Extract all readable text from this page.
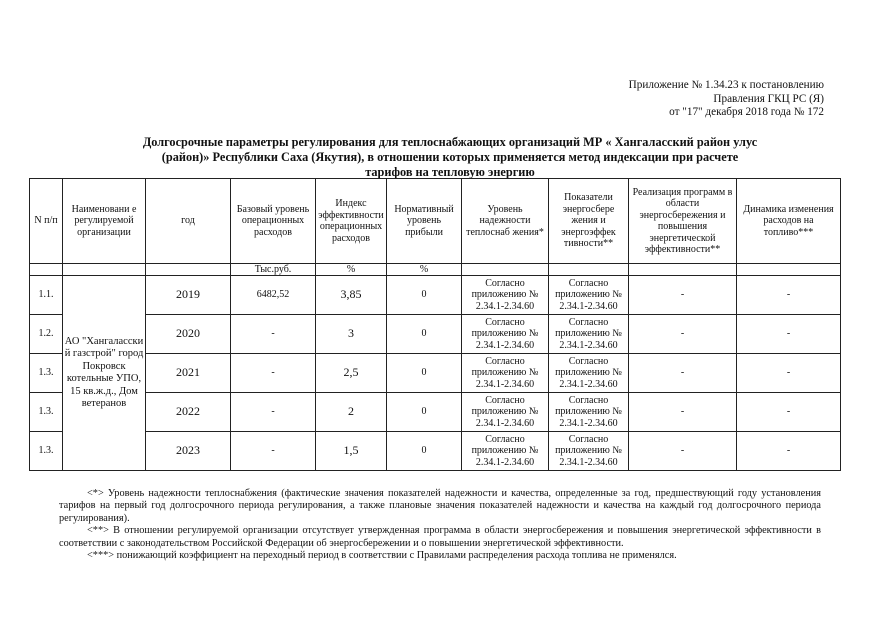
Приложение № 1.34.23 к постановлению
Правления ГКЦ РС (Я)
от "17" декабря 2018 года № 172
Долгосрочные параметры регулирования для теплоснабжающих организаций МР « Хангаласский район улус
(район)» Республики Саха (Якутия), в отношении которых применяется метод индексации при расчете
тарифов на тепловую энергию
N п/п	Наименовани е регулируемой организации	год	Базовый уровень операционных расходов	Индекс эффективности операционных расходов	Нормативный уровень прибыли	Уровень надежности теплоснаб жения*	Показатели энергосбере жения и энергоэффек тивности**	Реализация программ в области энергосбережения и повышения энергетической эффективности**	Динамика изменения расходов на топливо***
			Тыс.руб.	%	%				
1.1.	АО "Хангаласски й газстрой" город Покровск котельные УПО, 15 кв.ж.д., Дом ветеранов	2019	6482,52	3,85	0	Согласно приложению № 2.34.1-2.34.60	Согласно приложению № 2.34.1-2.34.60	-	-
1.2.		2020	-	3	0	Согласно приложению № 2.34.1-2.34.60	Согласно приложению № 2.34.1-2.34.60	-	-
1.3.		2021	-	2,5	0	Согласно приложению № 2.34.1-2.34.60	Согласно приложению № 2.34.1-2.34.60	-	-
1.3.		2022	-	2	0	Согласно приложению № 2.34.1-2.34.60	Согласно приложению № 2.34.1-2.34.60	-	-
1.3.		2023	-	1,5	0	Согласно приложению № 2.34.1-2.34.60	Согласно приложению № 2.34.1-2.34.60	-	-

<*> Уровень надежности теплоснабжения (фактические значения показателей надежности и качества, определенные за год, предшествующий году установления тарифов на первый год долгосрочного периода регулирования, а также плановые значения показателей надежности и качества на каждый год долгосрочного периода регулирования).

<**> В отношении регулируемой организации отсутствует утвержденная программа в области энергосбережения и повышения энергетической эффективности в соответствии с законодательством Российской Федерации об энергосбережении и о повышении энергетической эффективности.

<***> понижающий коэффициент на переходный период в соответствии с Правилами распределения расхода топлива не применялся.
